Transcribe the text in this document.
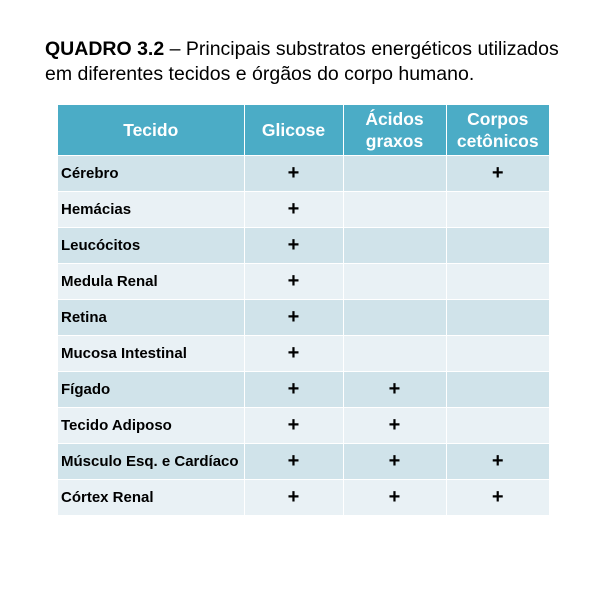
QUADRO 3.2 – Principais substratos energéticos utilizados em diferentes tecidos e órgãos do corpo humano.
Tecido	Glicose	Ácidos graxos	Corpos cetônicos
Cérebro	+		+
Hemácias	+		
Leucócitos	+		
Medula Renal	+		
Retina	+		
Mucosa Intestinal	+		
Fígado	+	+	
Tecido Adiposo	+	+	
Músculo Esq. e Cardíaco	+	+	+
Córtex Renal	+	+	+
